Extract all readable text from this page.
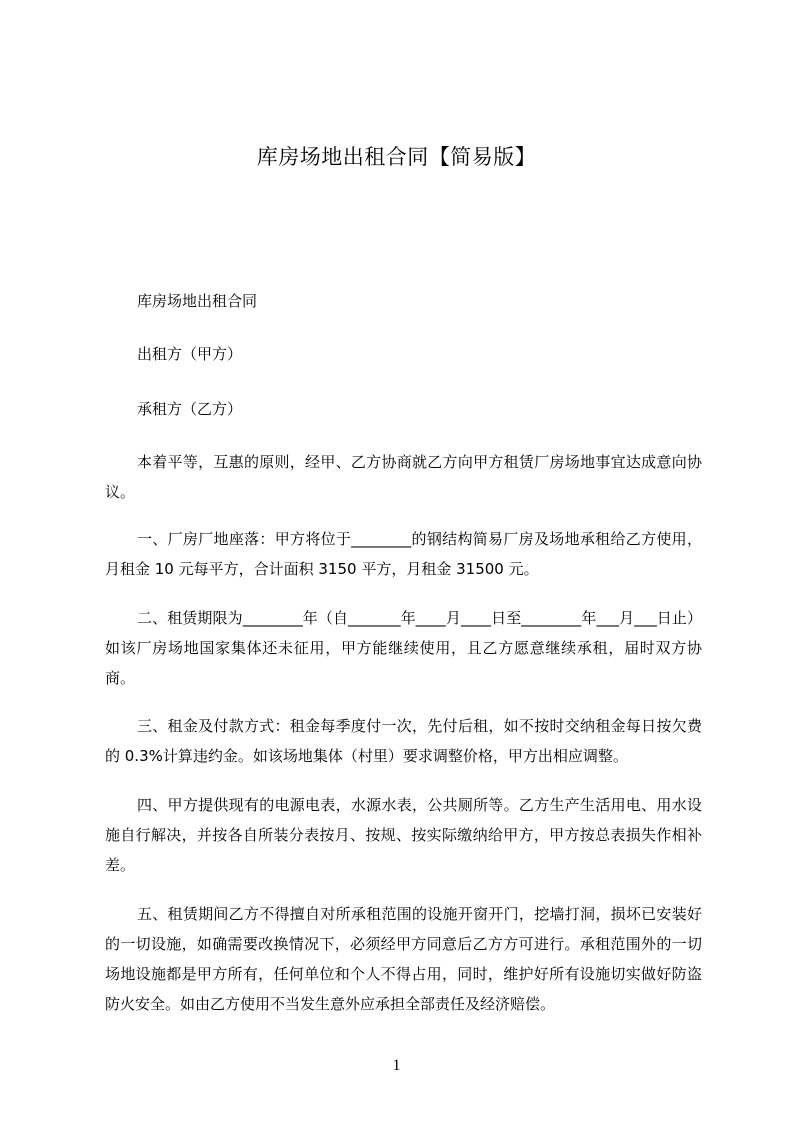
库房场地出租合同【简易版】

库房场地出租合同

出租方（甲方）

承租方（乙方）

本着平等，互惠的原则，经甲、乙方协商就乙方向甲方租赁厂房场地事宜达成意向协议。

一、厂房厂地座落：甲方将位于________的钢结构简易厂房及场地承租给乙方使用，月租金 10 元每平方，合计面积 3150 平方，月租金 31500 元。

二、租赁期限为________年（自_______年____月____日至________年___月___日止）如该厂房场地国家集体还未征用，甲方能继续使用，且乙方愿意继续承租，届时双方协商。

三、租金及付款方式：租金每季度付一次，先付后租，如不按时交纳租金每日按欠费的 0.3%计算违约金。如该场地集体（村里）要求调整价格，甲方出相应调整。

四、甲方提供现有的电源电表，水源水表，公共厕所等。乙方生产生活用电、用水设施自行解决，并按各自所装分表按月、按规、按实际缴纳给甲方，甲方按总表损失作相补差。

五、租赁期间乙方不得擅自对所承租范围的设施开窗开门，挖墙打洞，损坏已安装好的一切设施，如确需要改换情况下，必须经甲方同意后乙方方可进行。承租范围外的一切场地设施都是甲方所有，任何单位和个人不得占用，同时，维护好所有设施切实做好防盗防火安全。如由乙方使用不当发生意外应承担全部责任及经济赔偿。

1
